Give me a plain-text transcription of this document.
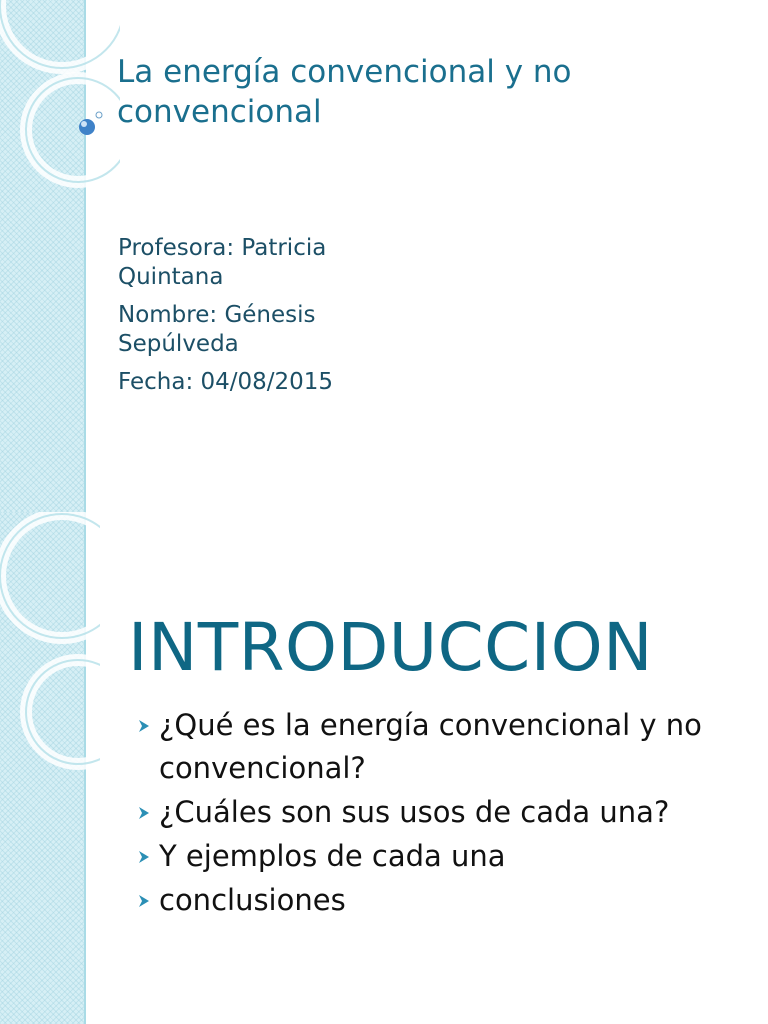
La energía convencional y no convencional

Profesora: Patricia Quintana

Nombre: Génesis Sepúlveda

Fecha: 04/08/2015

INTRODUCCION
¿Qué es la energía convencional y no convencional?
¿Cuáles son sus usos de cada una?
Y ejemplos de cada una
conclusiones
